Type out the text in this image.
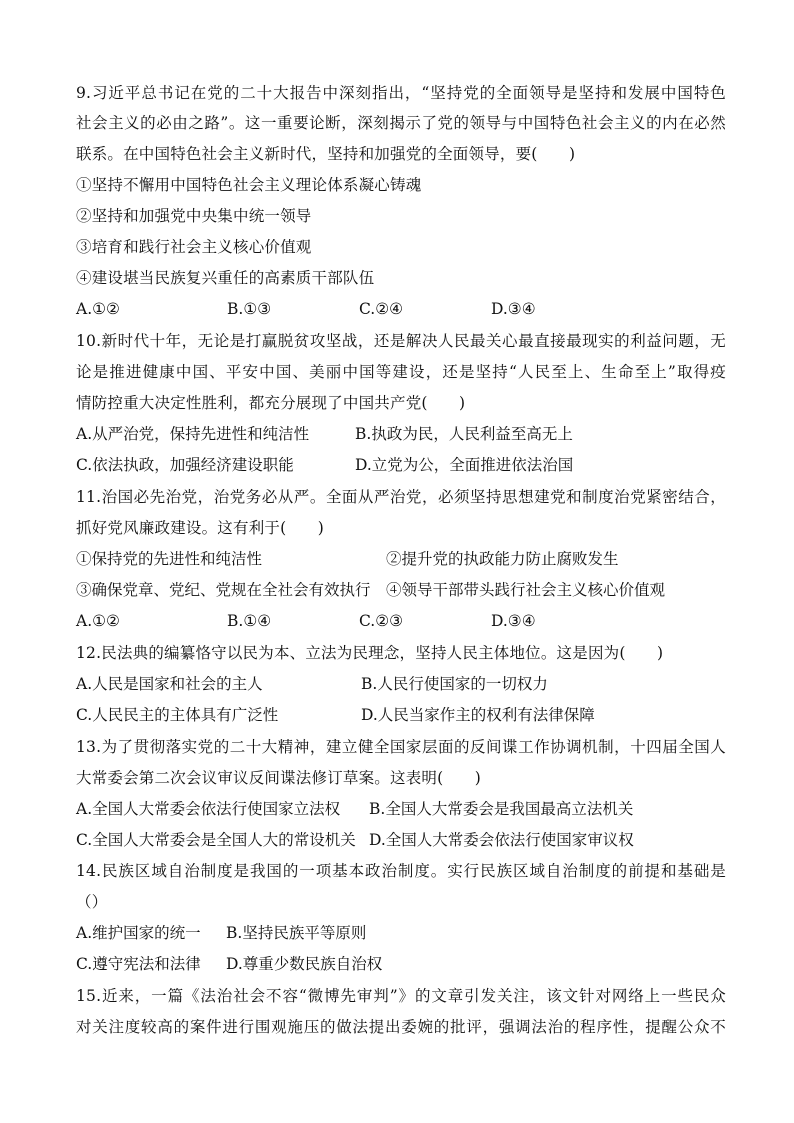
9.习近平总书记在党的二十大报告中深刻指出，“坚持党的全面领导是坚持和发展中国特色
社会主义的必由之路”。这一重要论断，深刻揭示了党的领导与中国特色社会主义的内在必然
联系。在中国特色社会主义新时代，坚持和加强党的全面领导，要(　　)
①坚持不懈用中国特色社会主义理论体系凝心铸魂
②坚持和加强党中央集中统一领导
③培育和践行社会主义核心价值观
④建设堪当民族复兴重任的高素质干部队伍
A.①②	B.①③	C.②④	D.③④
10.新时代十年，无论是打赢脱贫攻坚战，还是解决人民最关心最直接最现实的利益问题，无
论是推进健康中国、平安中国、美丽中国等建设，还是坚持“人民至上、生命至上”取得疫
情防控重大决定性胜利，都充分展现了中国共产党(　　)
A.从严治党，保持先进性和纯洁性	B.执政为民，人民利益至高无上
C.依法执政，加强经济建设职能	D.立党为公，全面推进依法治国
11.治国必先治党，治党务必从严。全面从严治党，必须坚持思想建党和制度治党紧密结合，
抓好党风廉政建设。这有利于(　　)
①保持党的先进性和纯洁性	②提升党的执政能力防止腐败发生
③确保党章、党纪、党规在全社会有效执行 ④领导干部带头践行社会主义核心价值观
A.①②	B.①④	C.②③	D.③④
12.民法典的编纂恪守以民为本、立法为民理念，坚持人民主体地位。这是因为(　　)
A.人民是国家和社会的主人	B.人民行使国家的一切权力
C.人民民主的主体具有广泛性	D.人民当家作主的权利有法律保障
13.为了贯彻落实党的二十大精神，建立健全国家层面的反间谍工作协调机制，十四届全国人
大常委会第二次会议审议反间谍法修订草案。这表明(　　)
A.全国人大常委会依法行使国家立法权 B.全国人大常委会是我国最高立法机关
C.全国人大常委会是全国人大的常设机关 D.全国人大常委会依法行使国家审议权
14.民族区域自治制度是我国的一项基本政治制度。实行民族区域自治制度的前提和基础是
（）
A.维护国家的统一 B.坚持民族平等原则
C.遵守宪法和法律 D.尊重少数民族自治权
15.近来，一篇《法治社会不容“微博先审判”》的文章引发关注，该文针对网络上一些民众
对关注度较高的案件进行围观施压的做法提出委婉的批评，强调法治的程序性，提醒公众不
